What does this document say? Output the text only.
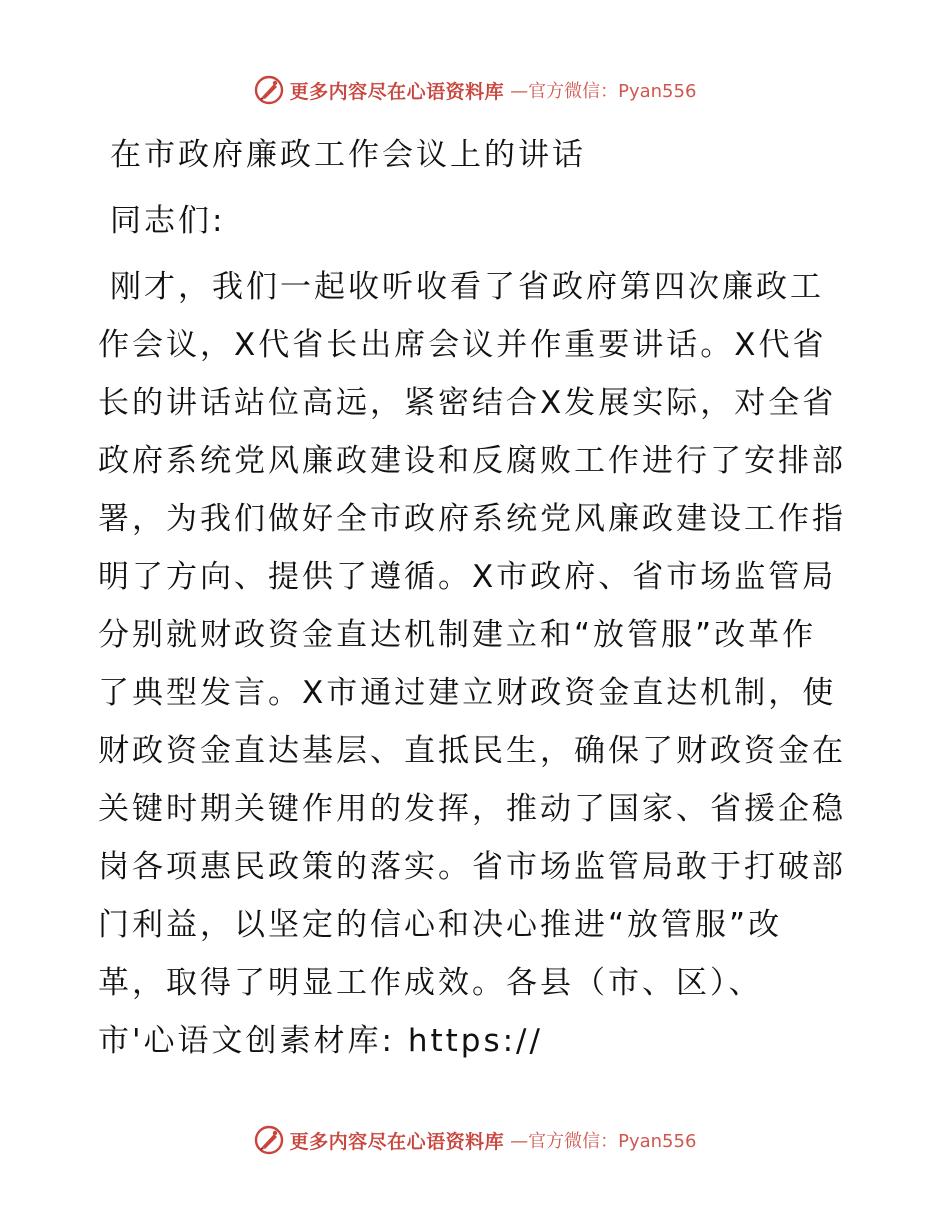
更多内容尽在心语资料库 —官方微信：Pyan556

在市政府廉政工作会议上的讲话

同志们:

刚才，我们一起收听收看了省政府第四次廉政工

作会议，X代省长出席会议并作重要讲话。X代省

长的讲话站位高远，紧密结合X发展实际，对全省

政府系统党风廉政建设和反腐败工作进行了安排部

署，为我们做好全市政府系统党风廉政建设工作指

明了方向、提供了遵循。X市政府、省市场监管局

分别就财政资金直达机制建立和“放管服”改革作

了典型发言。X市通过建立财政资金直达机制，使

财政资金直达基层、直抵民生，确保了财政资金在

关键时期关键作用的发挥，推动了国家、省援企稳

岗各项惠民政策的落实。省市场监管局敢于打破部

门利益，以坚定的信心和决心推进“放管服”改

革，取得了明显工作成效。各县（市、区）、

市'心语文创素材库: https://

更多内容尽在心语资料库 —官方微信：Pyan556
